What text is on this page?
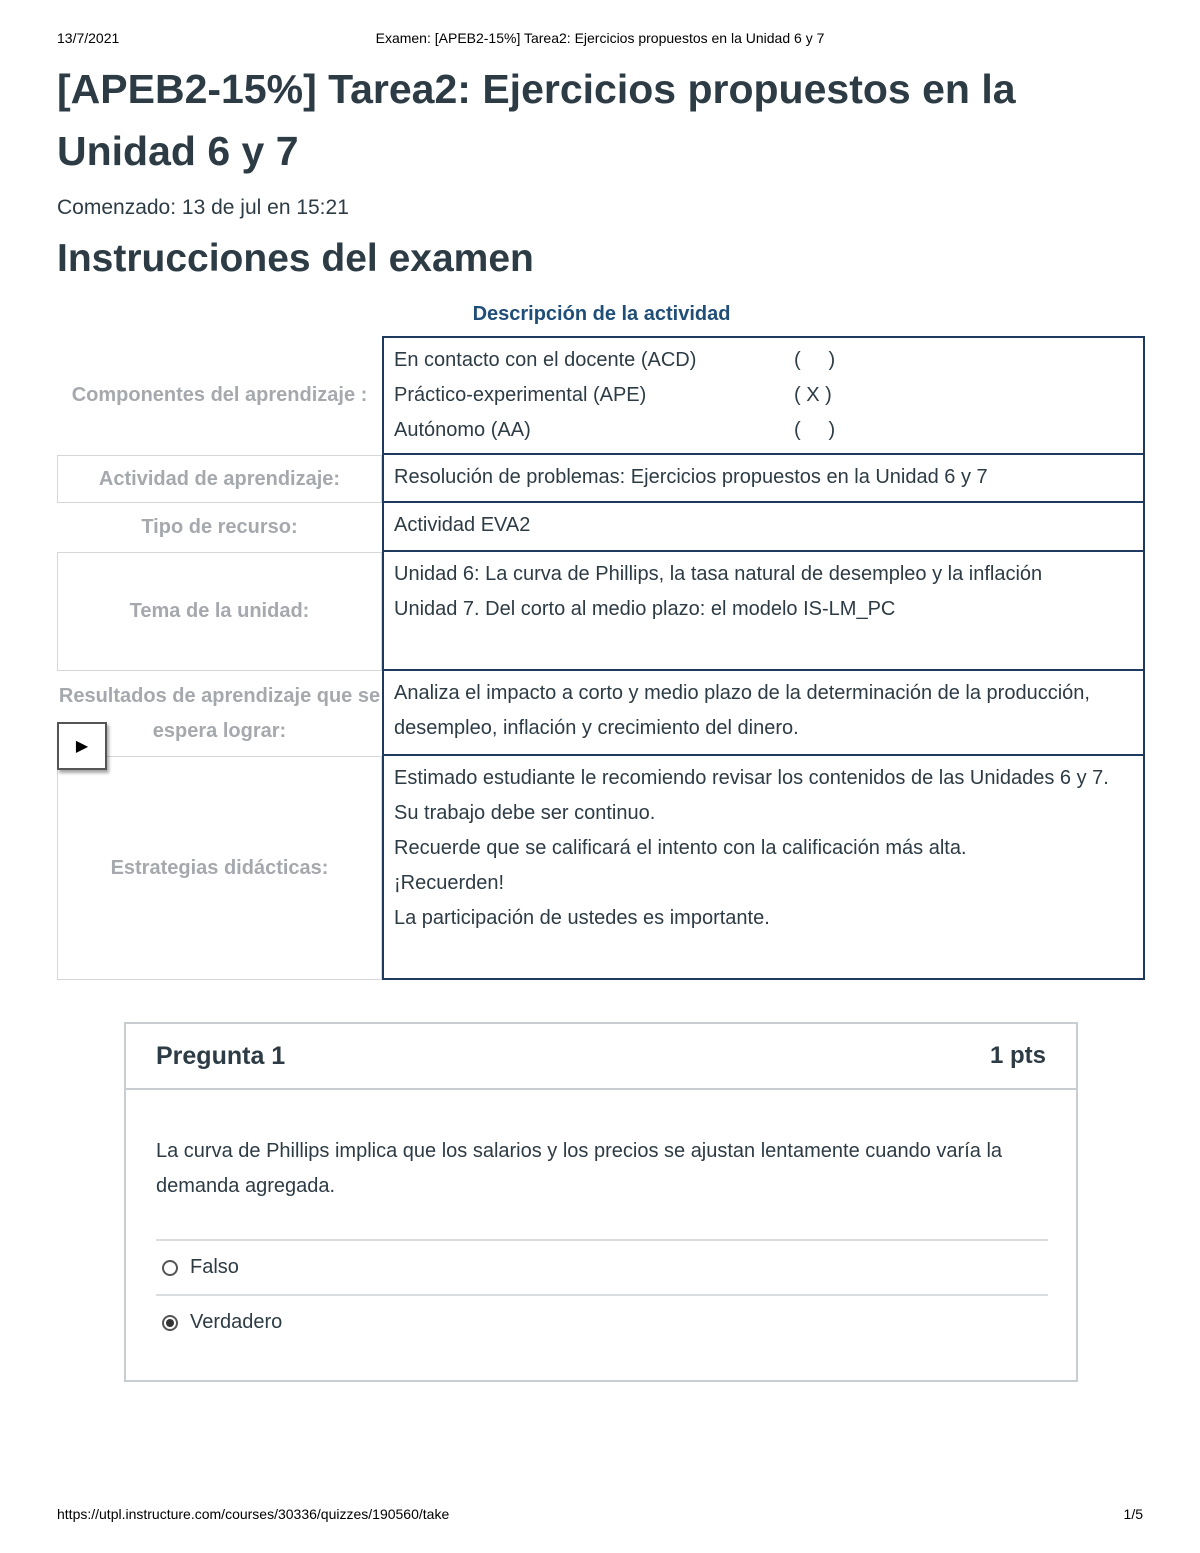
13/7/2021	Examen: [APEB2-15%] Tarea2: Ejercicios propuestos en la Unidad 6 y 7
[APEB2-15%] Tarea2: Ejercicios propuestos en la Unidad 6 y 7
Comenzado: 13 de jul en 15:21
Instrucciones del examen
Descripción de la actividad
Componentes del aprendizaje :
En contacto con el docente (ACD)	(     )
Práctico-experimental (APE)	( X )
Autónomo (AA)	(     )
Actividad de aprendizaje:	Resolución de problemas: Ejercicios propuestos en la Unidad 6 y 7
Tipo de recurso:	Actividad EVA2
Tema de la unidad:
Unidad 6: La curva de Phillips, la tasa natural de desempleo y la inflación
Unidad 7. Del corto al medio plazo: el modelo IS-LM_PC
Resultados de aprendizaje que se espera lograr:
Analiza el impacto a corto y medio plazo de la determinación de la producción, desempleo, inflación y crecimiento del dinero.
Estrategias didácticas:
Estimado estudiante le recomiendo revisar los contenidos de las Unidades 6 y 7.
Su trabajo debe ser continuo.
Recuerde que se calificará el intento con la calificación más alta.
¡Recuerden!
La participación de ustedes es importante.
▶
Pregunta 1	1 pts
La curva de Phillips implica que los salarios y los precios se ajustan lentamente cuando varía la demanda agregada.
Falso
Verdadero
https://utpl.instructure.com/courses/30336/quizzes/190560/take	1/5
